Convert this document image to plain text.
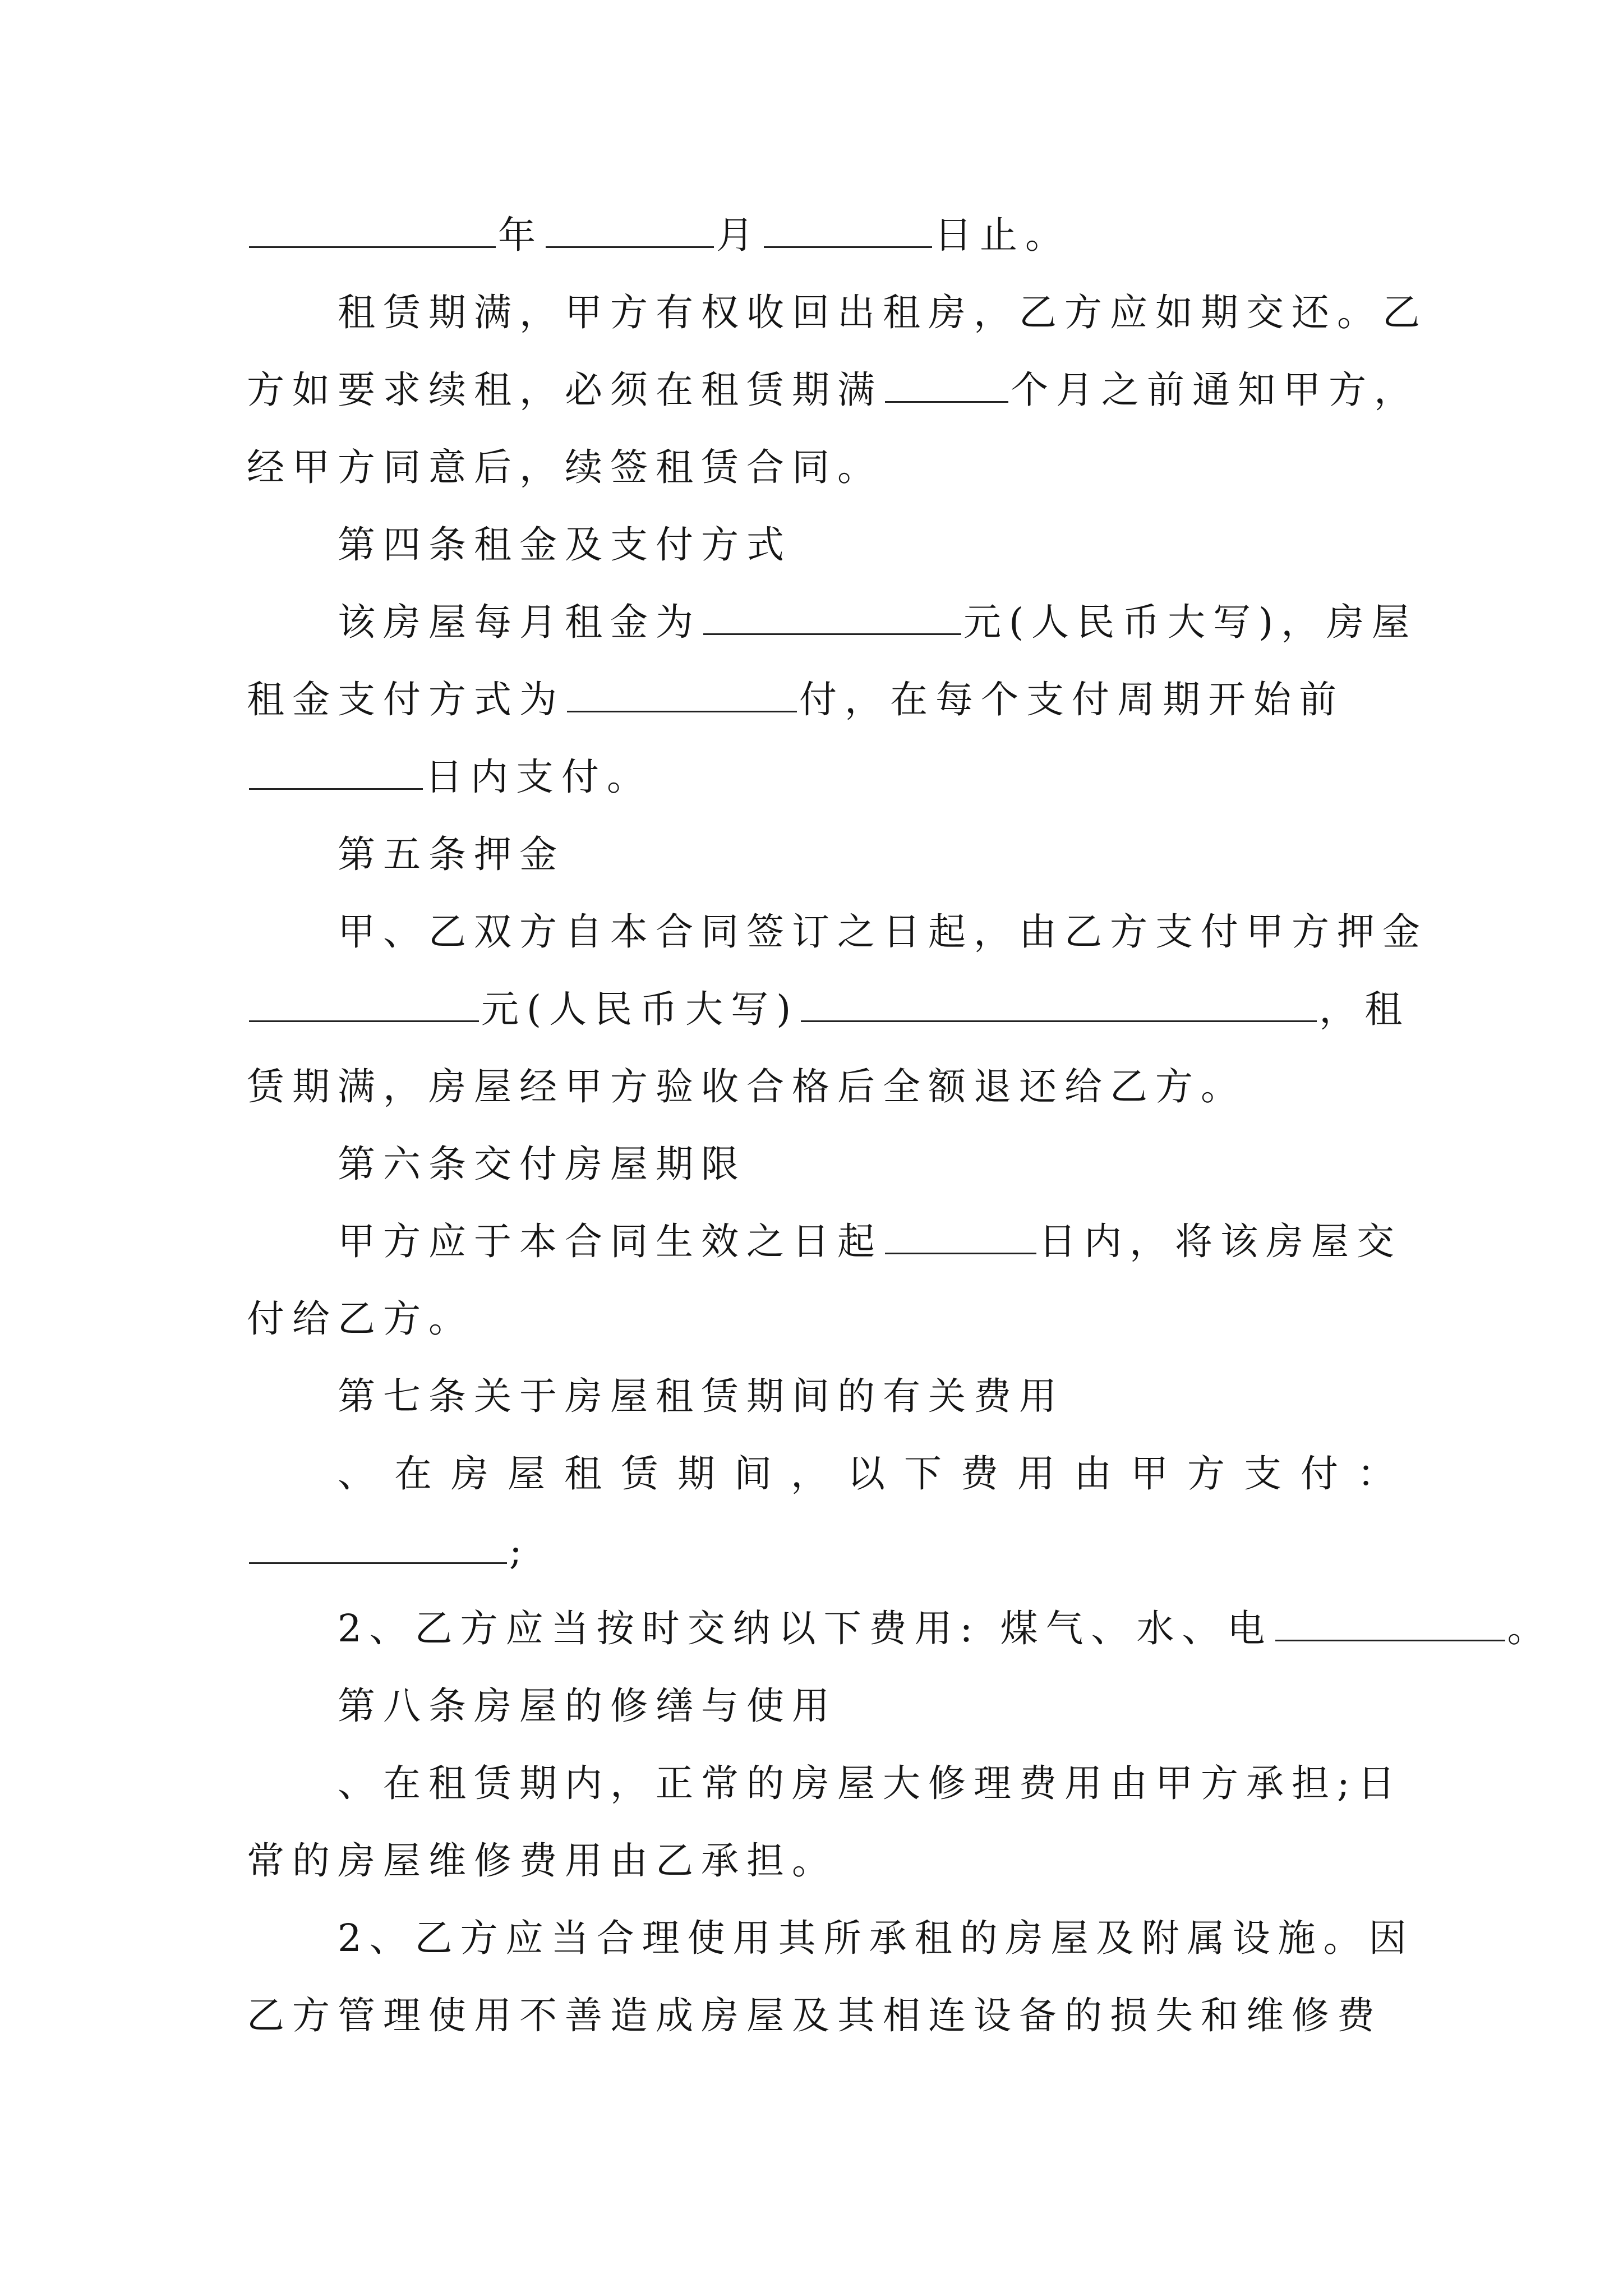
年	月	日止。
租赁期满，甲方有权收回出租房，乙方应如期交还。乙
方如要求续租，必须在租赁期满	个月之前通知甲方，
经甲方同意后，续签租赁合同。
第四条租金及支付方式
该房屋每月租金为	元(人民币大写)，房屋
租金支付方式为	付，在每个支付周期开始前
日内支付。
第五条押金
甲、乙双方自本合同签订之日起，由乙方支付甲方押金
元(人民币大写)	，租
赁期满，房屋经甲方验收合格后全额退还给乙方。
第六条交付房屋期限
甲方应于本合同生效之日起	日内，将该房屋交
付给乙方。
第七条关于房屋租赁期间的有关费用
、在房屋租赁期间，以下费用由甲方支付：
;
2、乙方应当按时交纳以下费用: 煤气、水、电	。
第八条房屋的修缮与使用
、在租赁期内，正常的房屋大修理费用由甲方承担;日
常的房屋维修费用由乙承担。
2、乙方应当合理使用其所承租的房屋及附属设施。因
乙方管理使用不善造成房屋及其相连设备的损失和维修费
